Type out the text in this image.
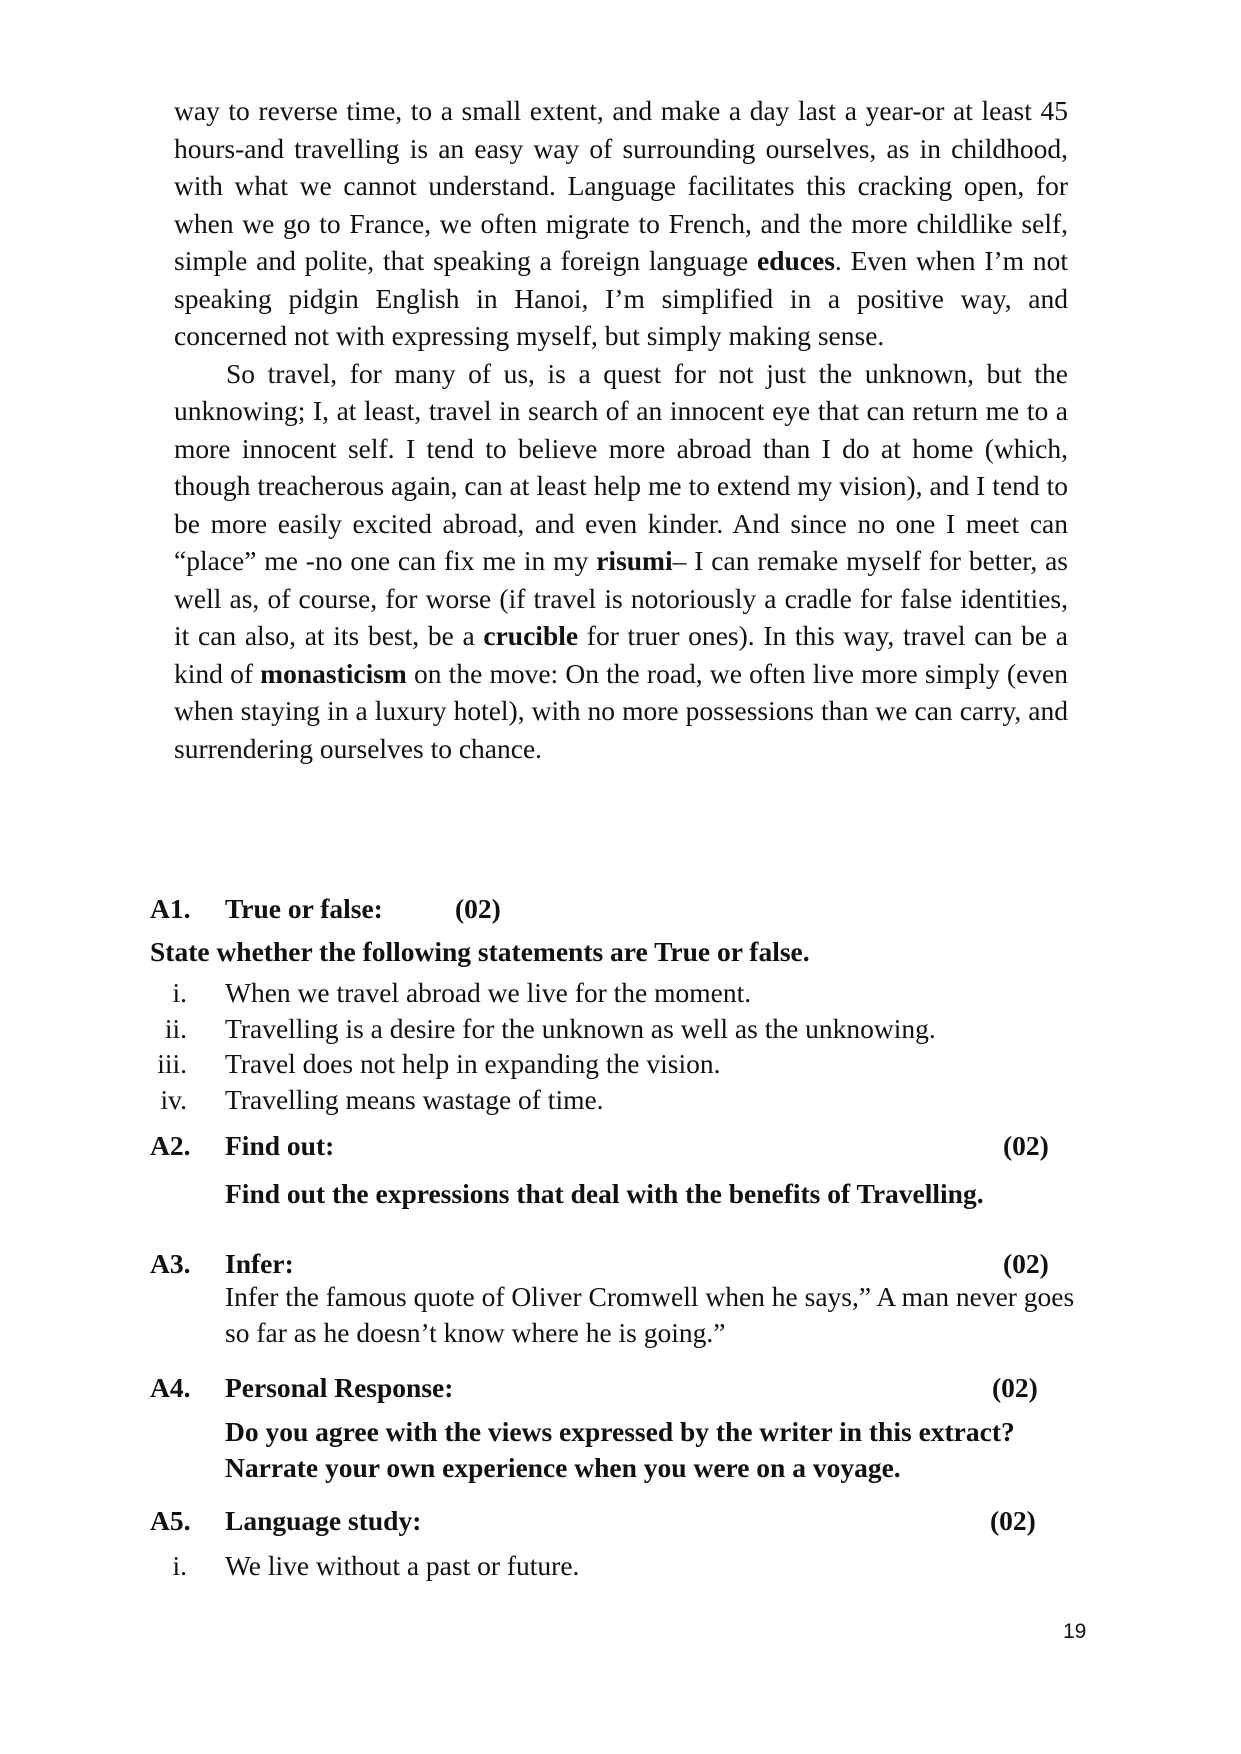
way to reverse time, to a small extent, and make a day last a year-or at least 45 hours-and travelling is an easy way of surrounding ourselves, as in childhood, with what we cannot understand. Language facilitates this cracking open, for when we go to France, we often migrate to French, and the more childlike self, simple and polite, that speaking a foreign language educes. Even when I’m not speaking pidgin English in Hanoi, I’m simplified in a positive way, and concerned not with expressing myself, but simply making sense.

So travel, for many of us, is a quest for not just the unknown, but the unknowing; I, at least, travel in search of an innocent eye that can return me to a more innocent self. I tend to believe more abroad than I do at home (which, though treacherous again, can at least help me to extend my vision), and I tend to be more easily excited abroad, and even kinder. And since no one I meet can “place” me -no one can fix me in my risumi– I can remake myself for better, as well as, of course, for worse (if travel is notoriously a cradle for false identities, it can also, at its best, be a crucible for truer ones). In this way, travel can be a kind of monasticism on the move: On the road, we often live more simply (even when staying in a luxury hotel), with no more possessions than we can carry, and surrendering ourselves to chance.

A1. True or false:	(02)
State whether the following statements are True or false.
i. When we travel abroad we live for the moment.
ii. Travelling is a desire for the unknown as well as the unknowing.
iii. Travel does not help in expanding the vision.
iv. Travelling means wastage of time.
A2. Find out:	(02)
Find out the expressions that deal with the benefits of Travelling.
A3. Infer:	(02)
Infer the famous quote of Oliver Cromwell when he says,” A man never goes so far as he doesn’t know where he is going.”
A4. Personal Response:	(02)
Do you agree with the views expressed by the writer in this extract? Narrate your own experience when you were on a voyage.
A5. Language study:	(02)
i. We live without a past or future.
19
